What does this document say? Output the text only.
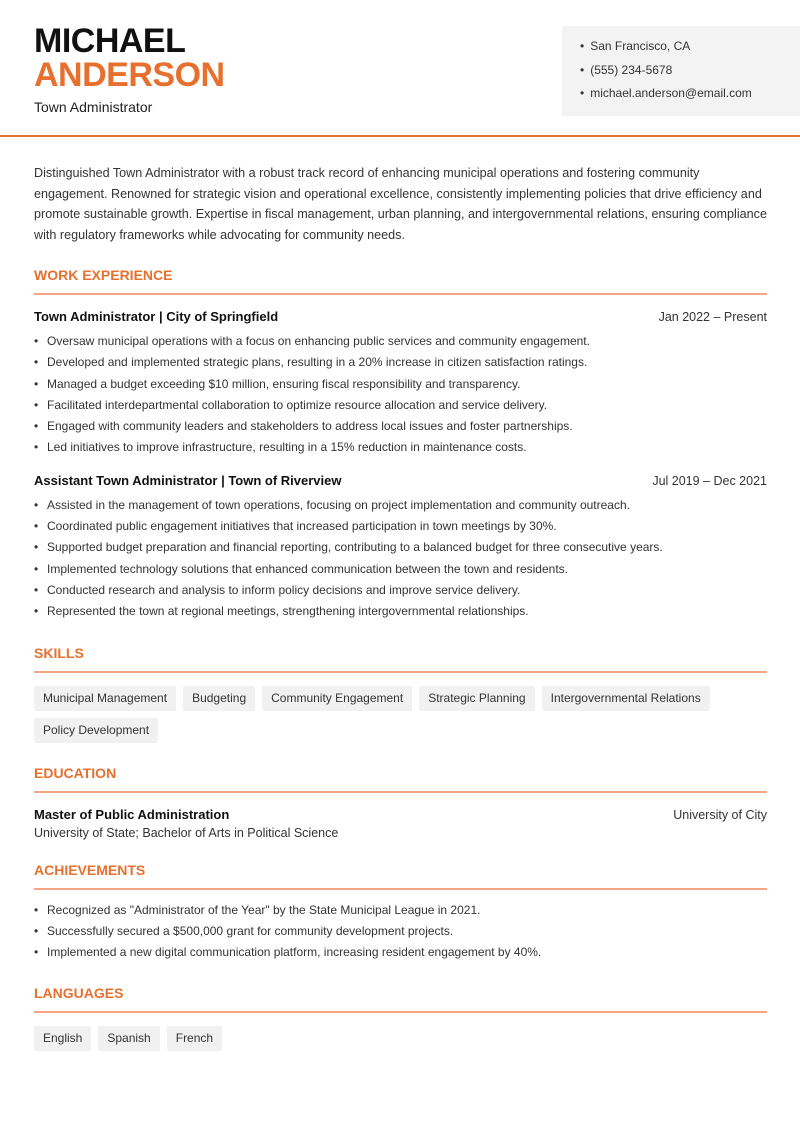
MICHAEL
ANDERSON
Town Administrator
• San Francisco, CA
• (555) 234-5678
• michael.anderson@email.com

Distinguished Town Administrator with a robust track record of enhancing municipal operations and fostering community engagement. Renowned for strategic vision and operational excellence, consistently implementing policies that drive efficiency and promote sustainable growth. Expertise in fiscal management, urban planning, and intergovernmental relations, ensuring compliance with regulatory frameworks while advocating for community needs.

WORK EXPERIENCE
Town Administrator | City of Springfield	Jan 2022 – Present
• Oversaw municipal operations with a focus on enhancing public services and community engagement.
• Developed and implemented strategic plans, resulting in a 20% increase in citizen satisfaction ratings.
• Managed a budget exceeding $10 million, ensuring fiscal responsibility and transparency.
• Facilitated interdepartmental collaboration to optimize resource allocation and service delivery.
• Engaged with community leaders and stakeholders to address local issues and foster partnerships.
• Led initiatives to improve infrastructure, resulting in a 15% reduction in maintenance costs.
Assistant Town Administrator | Town of Riverview	Jul 2019 – Dec 2021
• Assisted in the management of town operations, focusing on project implementation and community outreach.
• Coordinated public engagement initiatives that increased participation in town meetings by 30%.
• Supported budget preparation and financial reporting, contributing to a balanced budget for three consecutive years.
• Implemented technology solutions that enhanced communication between the town and residents.
• Conducted research and analysis to inform policy decisions and improve service delivery.
• Represented the town at regional meetings, strengthening intergovernmental relationships.
SKILLS
Municipal Management	Budgeting	Community Engagement	Strategic Planning	Intergovernmental Relations
Policy Development
EDUCATION
Master of Public Administration	University of City
University of State; Bachelor of Arts in Political Science
ACHIEVEMENTS
• Recognized as "Administrator of the Year" by the State Municipal League in 2021.
• Successfully secured a $500,000 grant for community development projects.
• Implemented a new digital communication platform, increasing resident engagement by 40%.
LANGUAGES
English	Spanish	French
